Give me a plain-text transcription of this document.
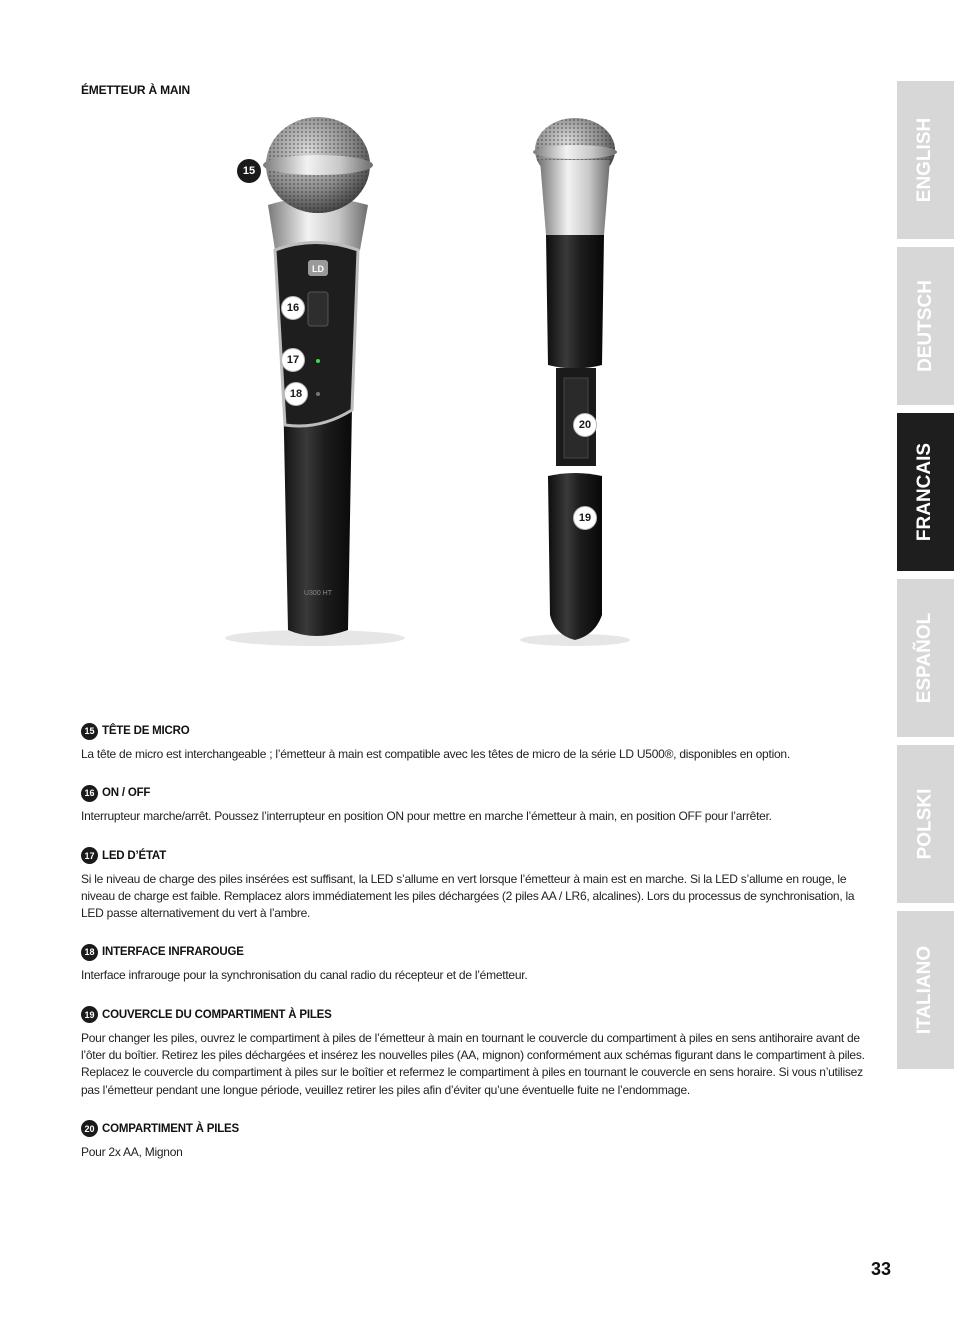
ÉMETTEUR À MAIN
LD
U300 HT
15
16
17
18
20
19
ENGLISH
DEUTSCH
FRANCAIS
ESPAÑOL
POLSKI
ITALIANO
15 TÊTE DE MICRO
La tête de micro est interchangeable ; l’émetteur à main est compatible avec les têtes de micro de la série LD U500®, disponibles en option.
16 ON / OFF
Interrupteur marche/arrêt. Poussez l’interrupteur en position ON pour mettre en marche l’émetteur à main, en position OFF pour l’arrêter.
17 LED D’ÉTAT
Si le niveau de charge des piles insérées est suffisant, la LED s’allume en vert lorsque l’émetteur à main est en marche. Si la LED s’allume en rouge, le niveau de charge est faible. Remplacez alors immédiatement les piles déchargées (2 piles AA / LR6, alcalines). Lors du processus de synchronisation, la LED passe alternativement du vert à l’ambre.
18 INTERFACE INFRAROUGE
Interface infrarouge pour la synchronisation du canal radio du récepteur et de l’émetteur.
19 COUVERCLE DU COMPARTIMENT À PILES
Pour changer les piles, ouvrez le compartiment à piles de l’émetteur à main en tournant le couvercle du compartiment à piles en sens antihoraire avant de l’ôter du boîtier. Retirez les piles déchargées et insérez les nouvelles piles (AA, mignon) conformément aux schémas figurant dans le compartiment à piles. Replacez le couvercle du compartiment à piles sur le boîtier et refermez le compartiment à piles en tournant le couvercle en sens horaire. Si vous n’utilisez pas l’émetteur pendant une longue période, veuillez retirer les piles afin d’éviter qu’une éventuelle fuite ne l’endommage.
20 COMPARTIMENT À PILES
Pour 2x AA, Mignon
33
